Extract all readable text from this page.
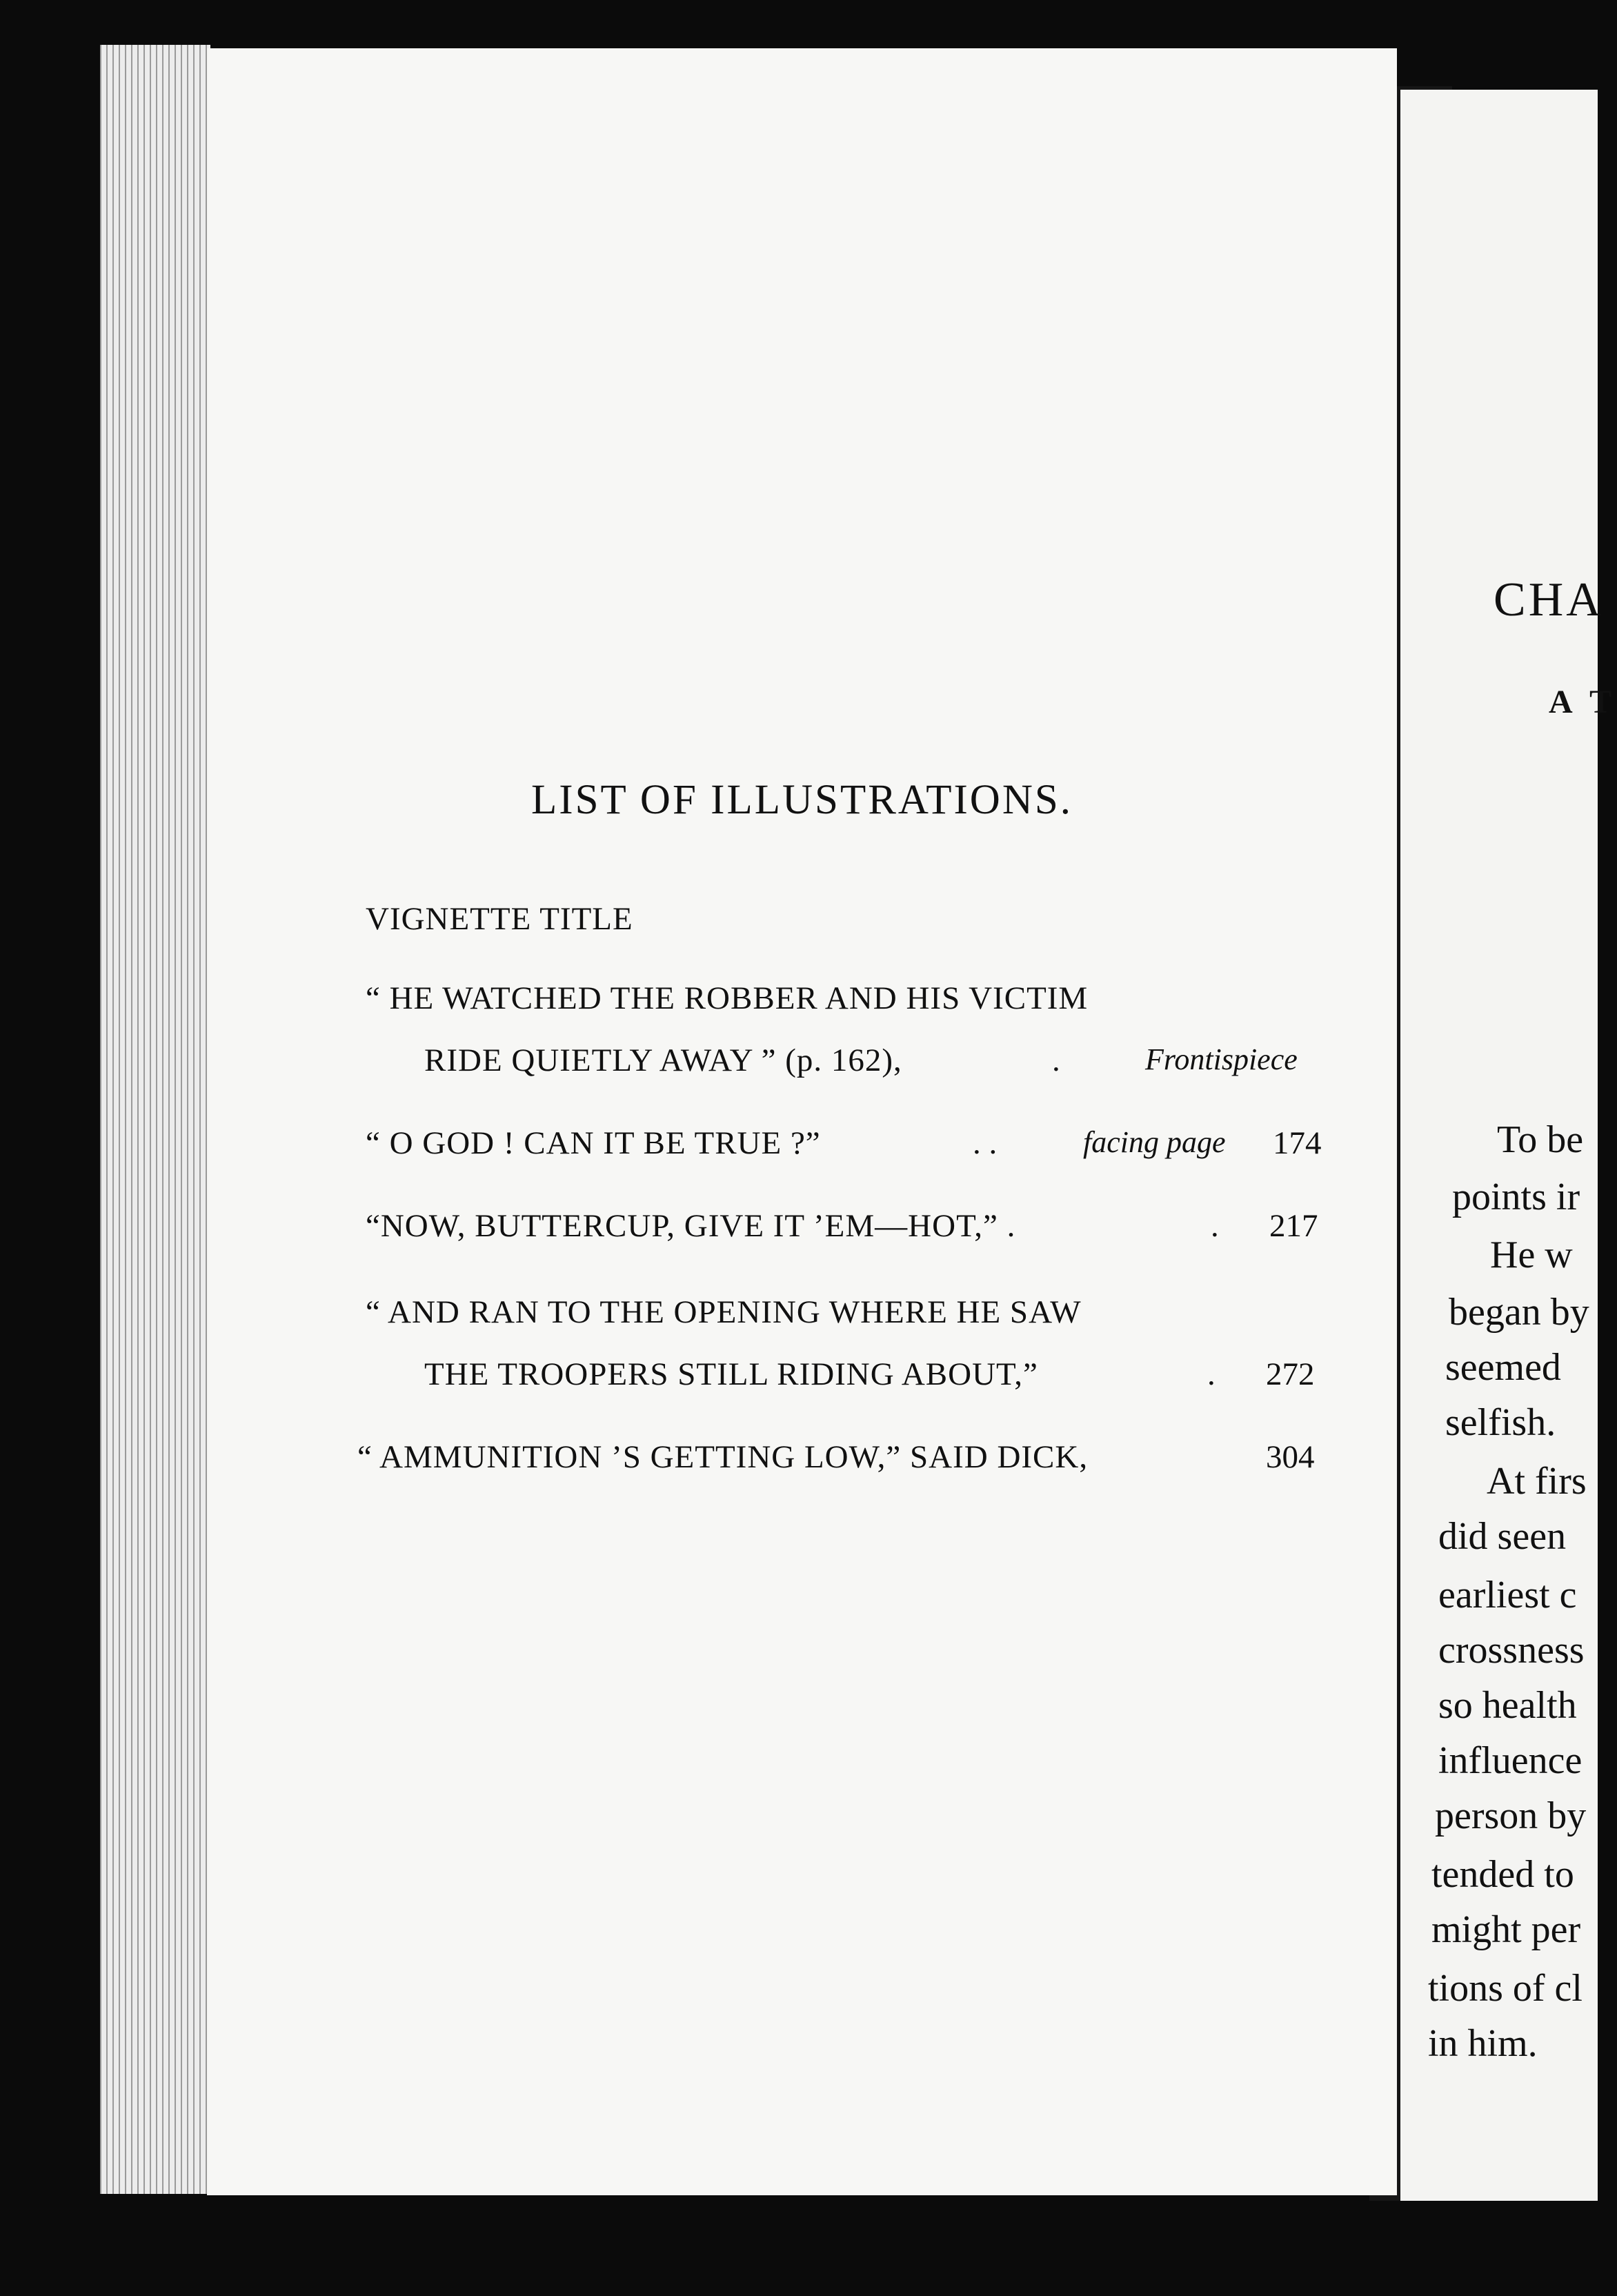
CHA
A T
To be
points ir
He w
began by
seemed
selfish.
At firs
did seen
earliest c
crossness
so health
influence
person by
tended to
might per
tions of cl
in him.
LIST OF ILLUSTRATIONS.
VIGNETTE TITLE
“ HE WATCHED THE ROBBER AND HIS VICTIM
RIDE QUIETLY AWAY ” (p. 162),	.	Frontispiece
“ O GOD ! CAN IT BE TRUE ?”	. .	facing page 174
“NOW, BUTTERCUP, GIVE IT ’EM—HOT,” .	. 217
“ AND RAN TO THE OPENING WHERE HE SAW
THE TROOPERS STILL RIDING ABOUT,”	. 272
“ AMMUNITION ’S GETTING LOW,” SAID DICK,	304
